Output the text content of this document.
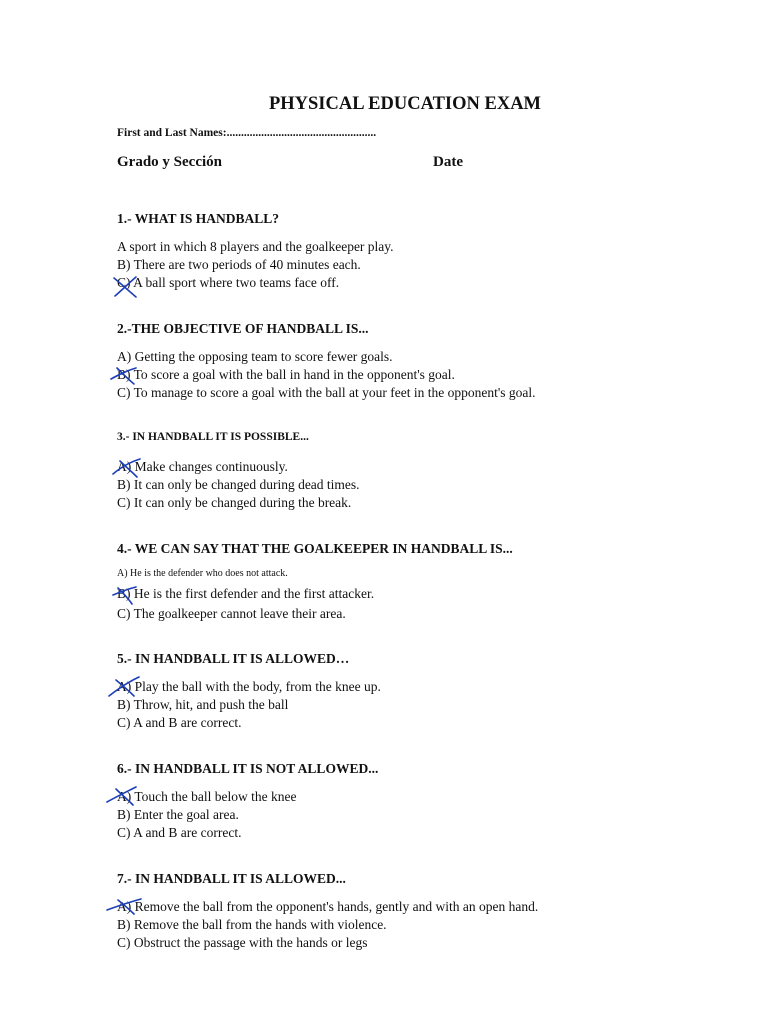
PHYSICAL EDUCATION EXAM
First and Last Names:....................................................
Grado y Sección	Date
1.- WHAT IS HANDBALL?
A sport in which 8 players and the goalkeeper play.
B) There are two periods of 40 minutes each.
C) A ball sport where two teams face off.
2.-THE OBJECTIVE OF HANDBALL IS...
A) Getting the opposing team to score fewer goals.
B) To score a goal with the ball in hand in the opponent's goal.
C) To manage to score a goal with the ball at your feet in the opponent's goal.
3.- IN HANDBALL IT IS POSSIBLE...
A) Make changes continuously.
B) It can only be changed during dead times.
C) It can only be changed during the break.
4.- WE CAN SAY THAT THE GOALKEEPER IN HANDBALL IS...
A) He is the defender who does not attack.
B) He is the first defender and the first attacker.
C) The goalkeeper cannot leave their area.
5.- IN HANDBALL IT IS ALLOWED…
A) Play the ball with the body, from the knee up.
B) Throw, hit, and push the ball
C) A and B are correct.
6.- IN HANDBALL IT IS NOT ALLOWED...
A) Touch the ball below the knee
B) Enter the goal area.
C) A and B are correct.
7.- IN HANDBALL IT IS ALLOWED...
A) Remove the ball from the opponent's hands, gently and with an open hand.
B) Remove the ball from the hands with violence.
C) Obstruct the passage with the hands or legs
